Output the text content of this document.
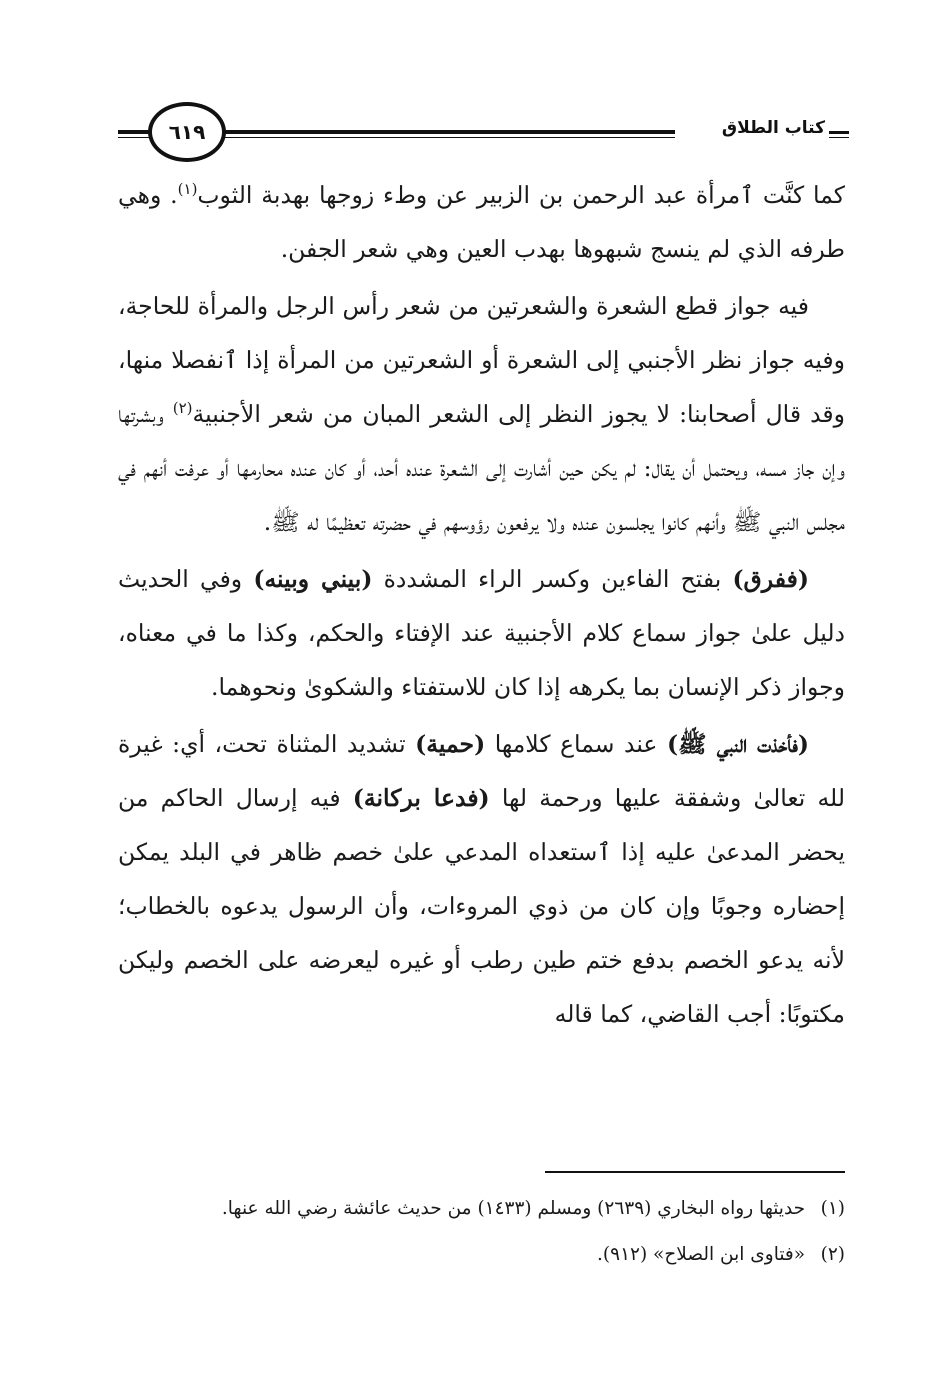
كتاب الطلاق
٦١٩

كما كنَّت ٱمرأة عبد الرحمن بن الزبير عن وطء زوجها بهدبة الثوب$^{(١)}$. وهي طرفه الذي لم ينسج شبهوها بهدب العين وهي شعر الجفن.

فيه جواز قطع الشعرة والشعرتين من شعر رأس الرجل والمرأة للحاجة، وفيه جواز نظر الأجنبي إلى الشعرة أو الشعرتين من المرأة إذا ٱنفصلا منها، وقد قال أصحابنا: لا يجوز النظر إلى الشعر المبان من شعر الأجنبية$^{(٢)}$ وبشرتها وإن جاز مسه، ويحتمل أن يقال: لم يكن حين أشارت إلى الشعرة عنده أحد، أو كان عنده محارمها أو عرفت أنهم في مجلس النبي ﷺ وأنهم كانوا يجلسون عنده ولا يرفعون رؤوسهم في حضرته تعظيمًا له ﷺ.

(ففرق) بفتح الفاءين وكسر الراء المشددة (بيني وبينه) وفي الحديث دليل علىٰ جواز سماع كلام الأجنبية عند الإفتاء والحكم، وكذا ما في معناه، وجواز ذكر الإنسان بما يكرهه إذا كان للاستفتاء والشكوىٰ ونحوهما.

(فأخذت النبي ﷺ) عند سماع كلامها (حمية) تشديد المثناة تحت، أي: غيرة لله تعالىٰ وشفقة عليها ورحمة لها (فدعا بركانة) فيه إرسال الحاكم من يحضر المدعىٰ عليه إذا ٱستعداه المدعي علىٰ خصم ظاهر في البلد يمكن إحضاره وجوبًا وإن كان من ذوي المروءات، وأن الرسول يدعوه بالخطاب؛ لأنه يدعو الخصم بدفع ختم طين رطب أو غيره ليعرضه على الخصم وليكن مكتوبًا: أجب القاضي، كما قاله

(١) حديثها رواه البخاري (٢٦٣٩) ومسلم (١٤٣٣) من حديث عائشة رضي الله عنها.

(٢) «فتاوى ابن الصلاح» (٩١٢).
